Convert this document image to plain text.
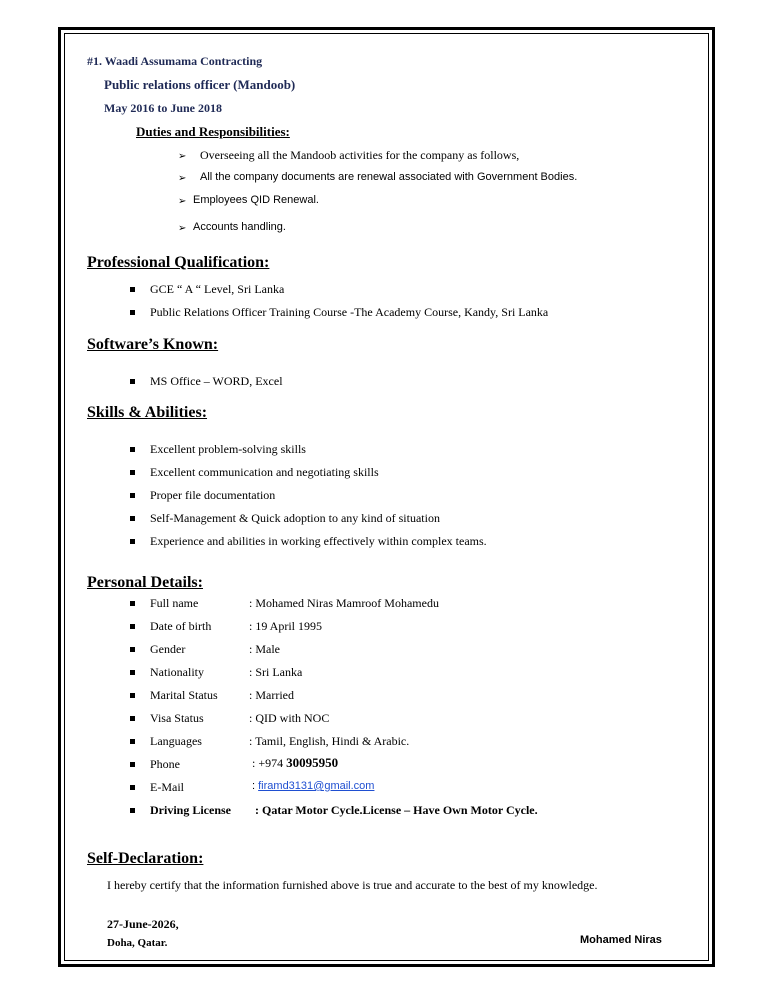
#1. Waadi Assumama Contracting
Public relations officer (Mandoob)
May 2016 to June 2018
Duties and Responsibilities:
➢ Overseeing all the Mandoob activities for the company as follows,
➢ All the company documents are renewal associated with Government Bodies.
➢ Employees QID Renewal.
➢ Accounts handling.
Professional Qualification:
GCE “ A “ Level, Sri Lanka
Public Relations Officer Training Course -The Academy Course, Kandy, Sri Lanka
Software’s Known:
MS Office – WORD, Excel
Skills & Abilities:
Excellent problem-solving skills
Excellent communication and negotiating skills
Proper file documentation
Self-Management & Quick adoption to any kind of situation
Experience and abilities in working effectively within complex teams.
Personal Details:
Full name	: Mohamed Niras Mamroof Mohamedu
Date of birth	: 19 April 1995
Gender	: Male
Nationality	: Sri Lanka
Marital Status	: Married
Visa Status	: QID with NOC
Languages	: Tamil, English, Hindi & Arabic.
Phone	: +974 30095950
E-Mail	: firamd3131@gmail.com
Driving License : Qatar Motor Cycle.License – Have Own Motor Cycle.
Self-Declaration:
I hereby certify that the information furnished above is true and accurate to the best of my knowledge.
27-June-2026,
Doha, Qatar.	Mohamed Niras
